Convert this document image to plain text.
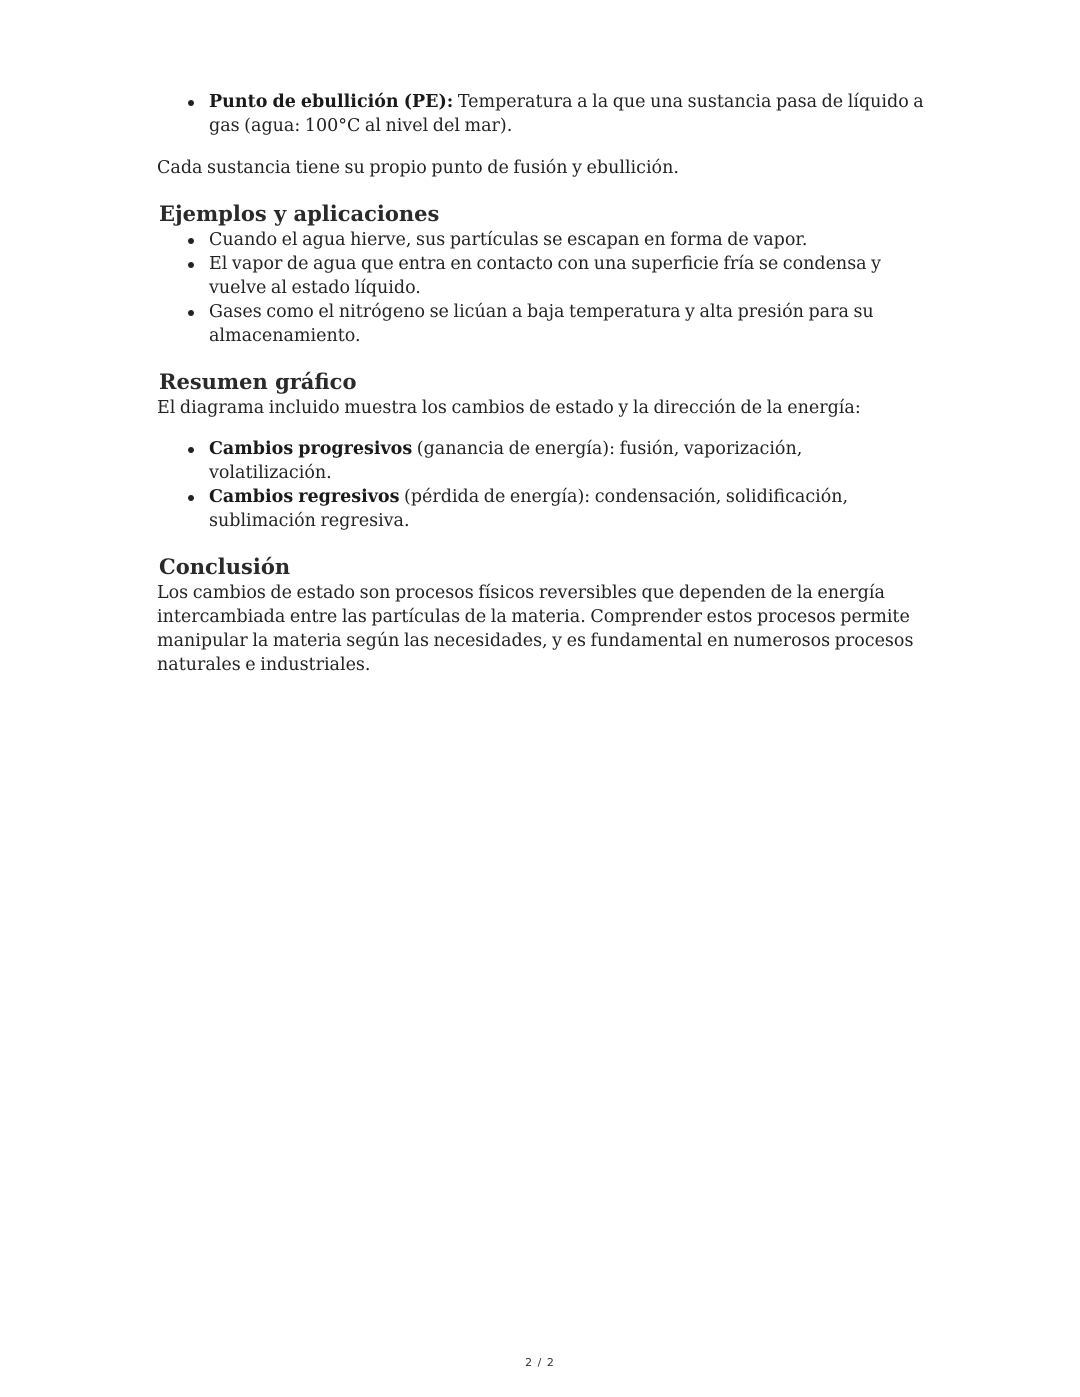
Punto de ebullición (PE): Temperatura a la que una sustancia pasa de líquido a gas (agua: 100°C al nivel del mar).

Cada sustancia tiene su propio punto de fusión y ebullición.

Ejemplos y aplicaciones
Cuando el agua hierve, sus partículas se escapan en forma de vapor.
El vapor de agua que entra en contacto con una superficie fría se condensa y vuelve al estado líquido.
Gases como el nitrógeno se licúan a baja temperatura y alta presión para su almacenamiento.
Resumen gráfico

El diagrama incluido muestra los cambios de estado y la dirección de la energía:

Cambios progresivos (ganancia de energía): fusión, vaporización, volatilización.
Cambios regresivos (pérdida de energía): condensación, solidificación, sublimación regresiva.
Conclusión

Los cambios de estado son procesos físicos reversibles que dependen de la energía intercambiada entre las partículas de la materia. Comprender estos procesos permite manipular la materia según las necesidades, y es fundamental en numerosos procesos naturales e industriales.

2 / 2
